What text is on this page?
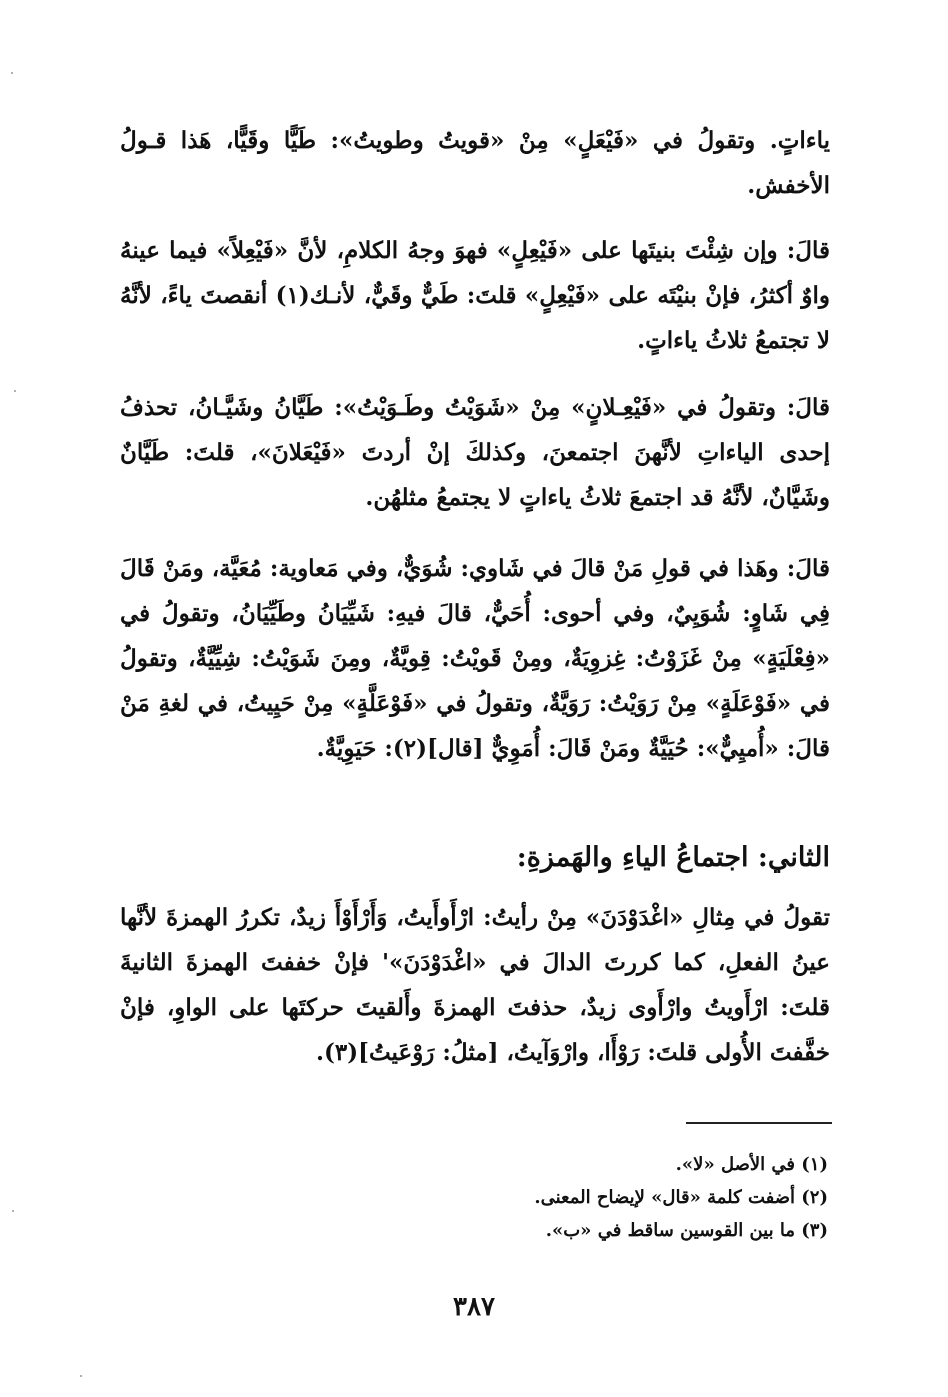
ياءاتٍ. وتقولُ في «فَيْعَلٍ» مِنْ «قويتُ وطويتُ»: طَيًّا وقَيًّا، هَذا قـولُ الأخفش.

قالَ: وإن شِئْتَ بنيتَها على «فَيْعِلٍ» فهوَ وجهُ الكلامِ، لأنَّ «فَيْعِلاً» فيما عينهُ واوٌ أكثرُ، فإنْ بنيْتَه على «فَيْعِلٍ» قلتَ: طَيٌّ وقَيٌّ، لأنـك(١) أنقصتَ ياءً، لأنَّهُ لا تجتمعُ ثلاثُ ياءاتٍ.

قالَ: وتقولُ في «فَيْعِـلانٍ» مِنْ «شَوَيْتُ وطَـوَيْتُ»: طَيَّانُ وشَيَّـانُ، تحذفُ إحدى الياءاتِ لأنَّهنَ اجتمعنَ، وكذلكَ إنْ أردتَ «فَيْعَلانَ»، قلتَ: طَيَّانٌ وشَيَّانٌ، لأنَّهُ قد اجتمعَ ثلاثُ ياءاتٍ لا يجتمعُ مثلهُن.

قالَ: وهَذا في قولِ مَنْ قالَ في شَاوي: شُوَيٌّ، وفي مَعاوية: مُعَيَّة، ومَنْ قَالَ فِي شَاوٍ: شُوَيِيٌ، وفي أحوى: أُحَيٌّ، قالَ فيهِ: شَيِّيَانُ وطَيِّيَانُ، وتقولُ في «فِعْلَيَةٍ» مِنْ غَزَوْتُ: غِزوِيَةٌ، ومِنْ قَويْتُ: قِويَّةٌ، ومِنَ شَوَيْتُ: شِيِّيَّةٌ، وتقولُ في «فَوْعَلَةٍ» مِنْ رَوَيْتُ: رَوَيَّةٌ، وتقولُ في «فَوْعَلَّةٍ» مِنْ حَيِيتُ، في لغةِ مَنْ قالَ: «أُميِيٌّ»: حُيَيَّةٌ ومَنْ قَالَ: أُمَوِيٌّ [قال](٢): حَيَوِيَّةٌ.

الثاني: اجتماعُ الياءِ والهَمزةِ:

تقولُ في مِثالِ «اغْدَوْدَنَ» مِنْ رأيتُ: ارْأَوأَيتُ، وَأَرْأَوْأَ زيدٌ، تكررُ الهمزةَ لأنَّها عينُ الفعلِ، كما كررتَ الدالَ في «اغْدَوْدَنَ»' فإنْ خففتَ الهمزةَ الثانيةَ قلتَ: ارْأَويتُ وارْأَوى زيدٌ، حذفتَ الهمزةَ وأَلقيتَ حركتَها على الواوِ، فإنْ خفَّفتَ الأُولى قلتَ: رَوْأَا، وارْوَآيتُ، [مثلُ: رَوْعَيتُ](٣).

(١) في الأصل «لا».
(٢) أضفت كلمة «قال» لإيضاح المعنى.
(٣) ما بين القوسين ساقط في «ب».
٣٨٧
